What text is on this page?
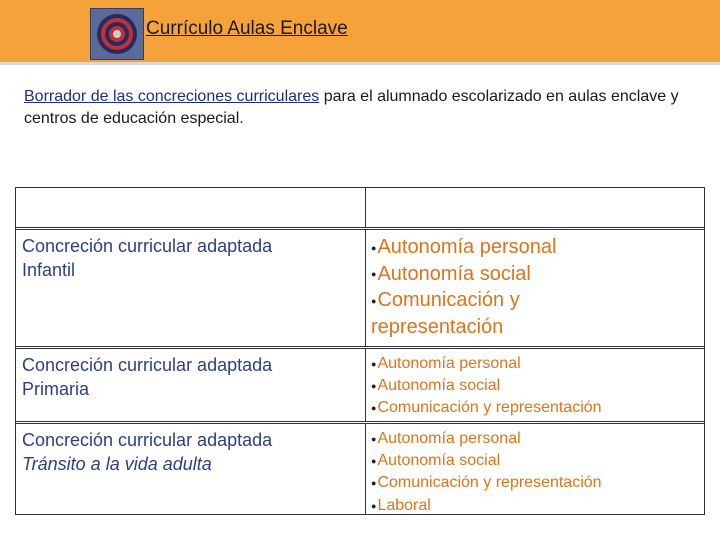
Currículo Aulas Enclave
Borrador de las concreciones curriculares para el alumnado escolarizado en aulas enclave y centros de educación especial.
Concreción curricular adaptada
Infantil
●Autonomía personal
●Autonomía social
●Comunicación y representación
Concreción curricular adaptada
Primaria
●Autonomía personal
●Autonomía social
●Comunicación y representación
Concreción curricular adaptada
Tránsito a la vida adulta
●Autonomía personal
●Autonomía social
●Comunicación y representación
●Laboral
